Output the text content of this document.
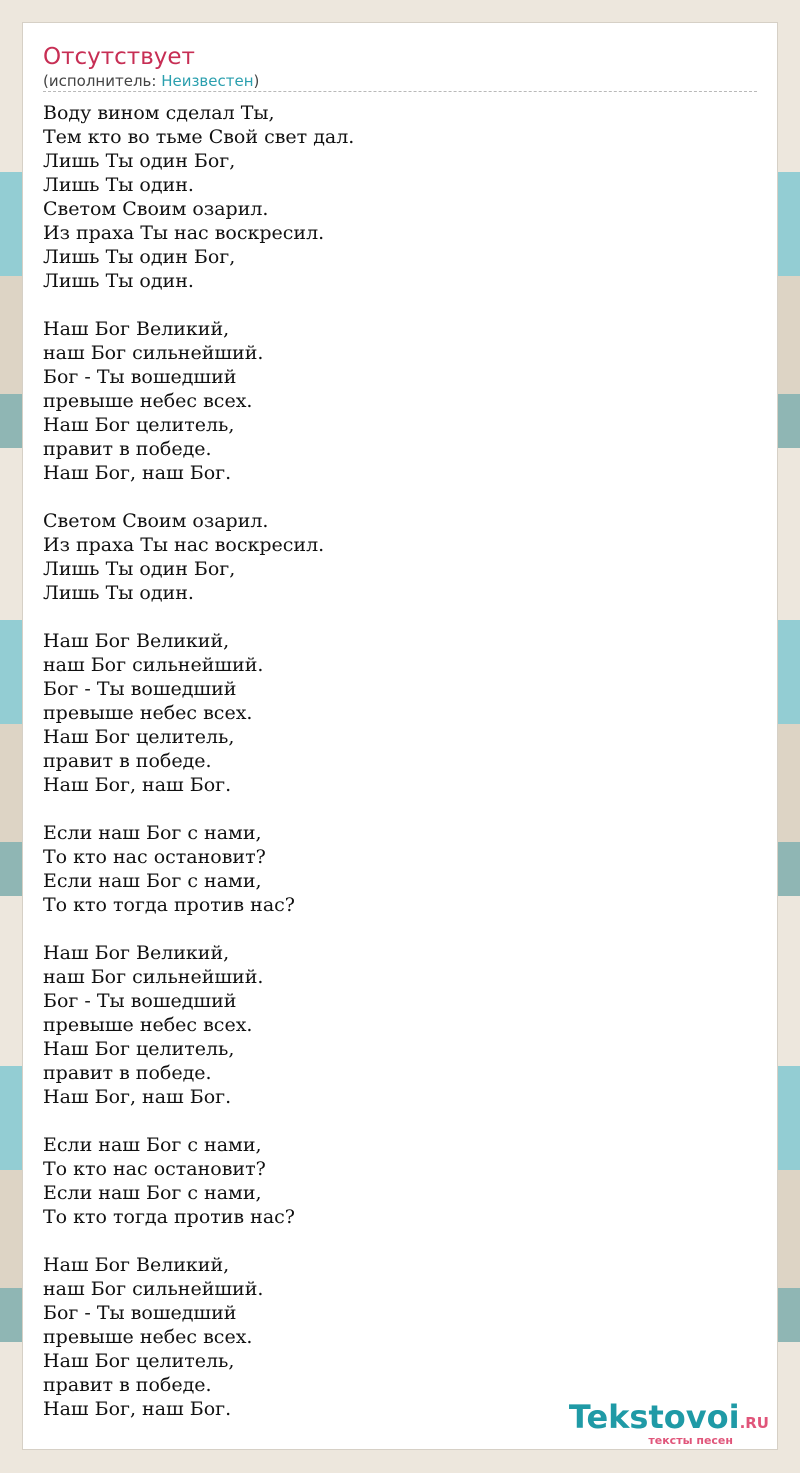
Отсутствует
(исполнитель: Неизвестен)
Воду вином сделал Ты,
Тем кто во тьме Свой свет дал.
Лишь Ты один Бог,
Лишь Ты один.
Светом Своим озарил.
Из праха Ты нас воскресил.
Лишь Ты один Бог,
Лишь Ты один.
Наш Бог Великий,
наш Бог сильнейший.
Бог - Ты вошедший
превыше небес всех.
Наш Бог целитель,
правит в победе.
Наш Бог, наш Бог.
Светом Своим озарил.
Из праха Ты нас воскресил.
Лишь Ты один Бог,
Лишь Ты один.
Наш Бог Великий,
наш Бог сильнейший.
Бог - Ты вошедший
превыше небес всех.
Наш Бог целитель,
правит в победе.
Наш Бог, наш Бог.
Если наш Бог с нами,
То кто нас остановит?
Если наш Бог с нами,
То кто тогда против нас?
Наш Бог Великий,
наш Бог сильнейший.
Бог - Ты вошедший
превыше небес всех.
Наш Бог целитель,
правит в победе.
Наш Бог, наш Бог.
Если наш Бог с нами,
То кто нас остановит?
Если наш Бог с нами,
То кто тогда против нас?
Наш Бог Великий,
наш Бог сильнейший.
Бог - Ты вошедший
превыше небес всех.
Наш Бог целитель,
правит в победе.
Наш Бог, наш Бог.	Tekstovoi.RU
тексты песен
